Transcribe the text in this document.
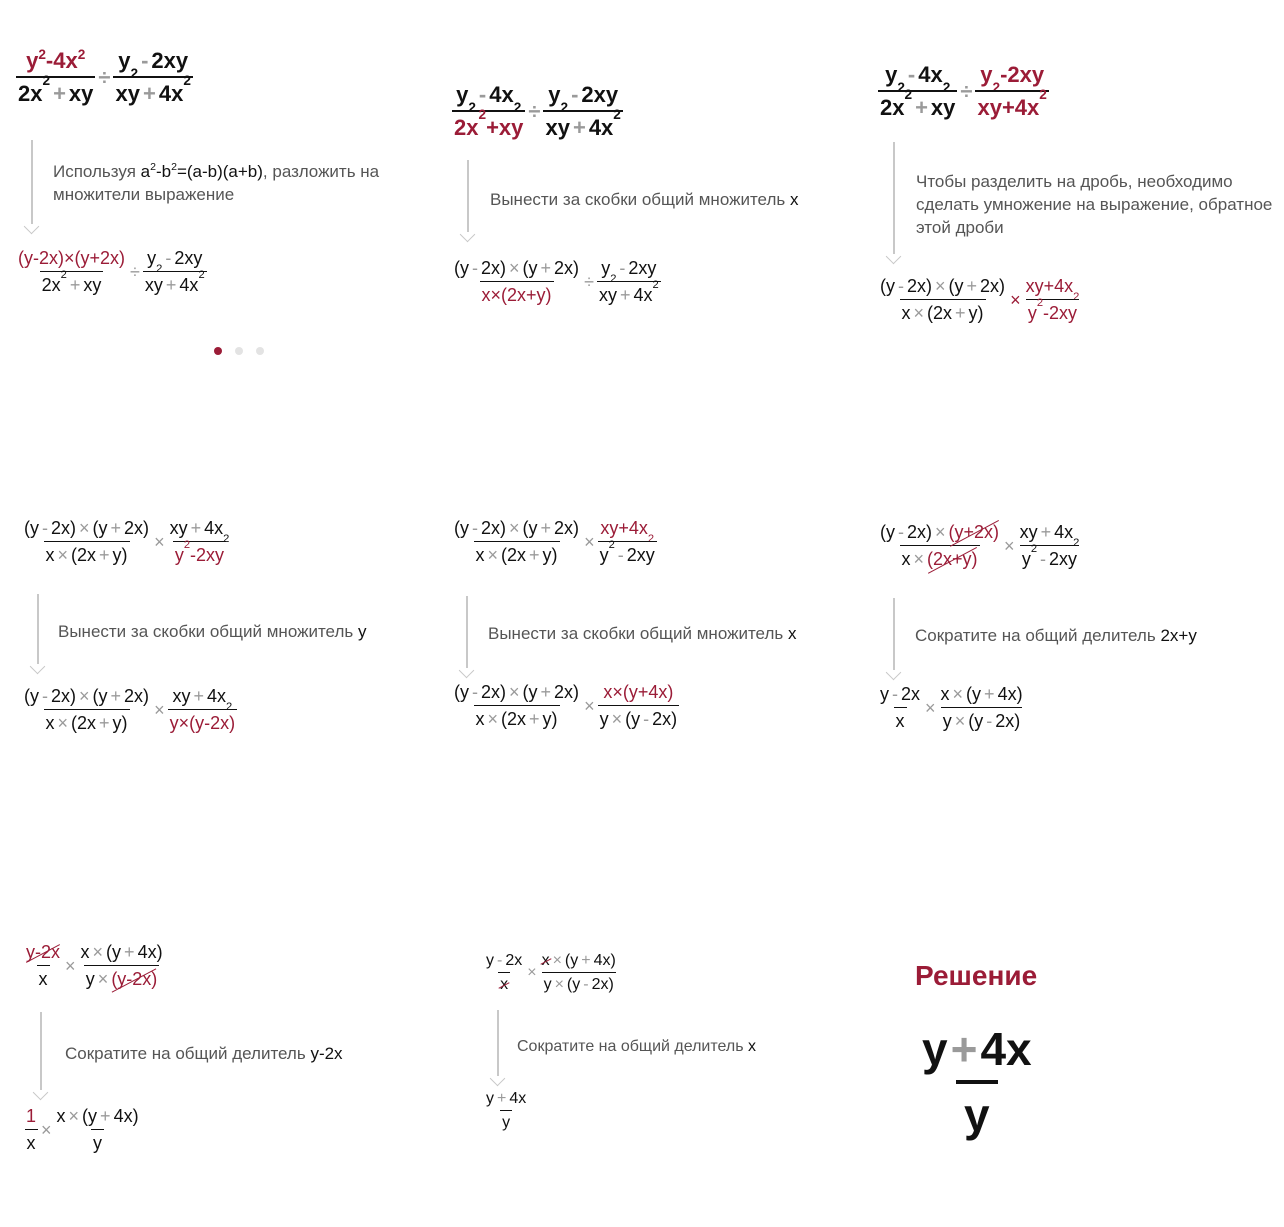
$y^2$ $-4x^2$
2x
2
+ xy ÷ y
2
- 2xy
xy + 4x
2
Используя $a^2-b^2=(a-b)(a+b)$, разложить на множители выражение
$\frac{(y-2x)\times(y+2x)}{2x 2 + xy} \div y$
2
- 2xy
xy + 4x 2
y
2
- 4x
2
2x
2
+xy ÷ y
2
- 2xy
xy + 4x
2
Вынести за скобки общий множитель x
$\frac{(y - 2x) \times (y + 2x)}{x\times(2x+y)} \div y$
2
- 2xy
xy + 4x 2
y
2
- 4x
2
2x
2
+ xy ÷ y
2
-2xy
xy+4x
2
Чтобы разделить на дробь, необходимо сделать умножение на выражение, обратное этой дроби
$\frac{(y - 2x) \times (y + 2x)}{x \times (2x + y)} \times xy+4x$
2
y 2 -2xy
$\frac{(y - 2x) \times (y + 2x)}{x \times (2x + y)}$ × xy + 4x
2
y 2 -2xy
Вынести за скобки общий множитель y
$\frac{(y - 2x) \times (y + 2x)}{x \times (2x + y)}$ × xy + 4x
2
y×(y-2x)
$\frac{(y - 2x) \times (y + 2x)}{x \times (2x + y)} \times xy+4x$
2
y 2 - 2xy
Вынести за скобки общий множитель x
$\frac{(y - 2x) \times (y + 2x)}{x \times (2x + y)} \times \frac{x\times(y+4x)}{y \times (y - 2x)}$
$\frac{(y - 2x) \times (y+2x)}{x \times (2x+y)}$ × xy + 4x
2
y 2 - 2xy
Сократите на общий делитель 2x+y
$\frac{y - 2x}{x} \times \frac{x \times (y + 4x)}{y \times (y - 2x)}$
$\frac{y-2x}{x} \times \frac{x \times (y + 4x)}{y \times (y-2x)}$
Сократите на общий делитель y-2x
$\frac{1}{x} \times \frac{x \times (y + 4x)}{y}$
$\frac{y - 2x}{x} \times \frac{x \times (y + 4x)}{y \times (y - 2x)}$
Сократите на общий делитель x
$\frac{y + 4x}{y}$
Решение
$\frac{y + 4x}{y}$
